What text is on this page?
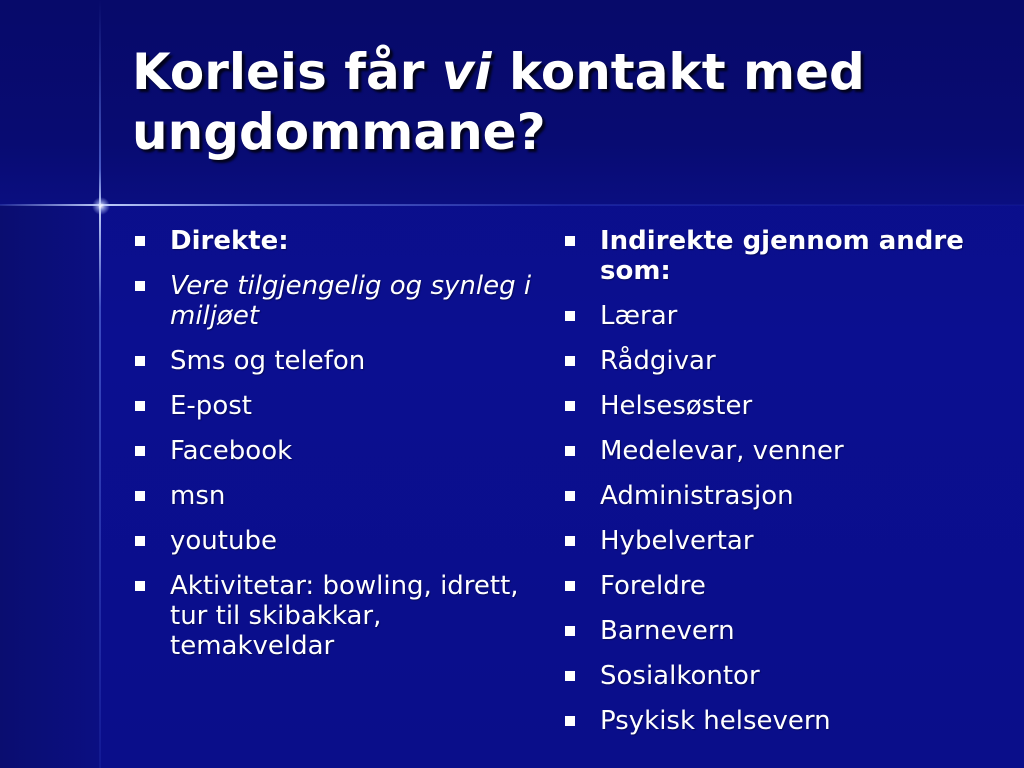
Korleis får vi kontakt med ungdommane?
Direkte:
Vere tilgjengelig og synleg i miljøet
Sms og telefon
E-post
Facebook
msn
youtube
Aktivitetar: bowling, idrett, tur til skibakkar, temakveldar
Indirekte gjennom andre som:
Lærar
Rådgivar
Helsesøster
Medelevar, venner
Administrasjon
Hybelvertar
Foreldre
Barnevern
Sosialkontor
Psykisk helsevern
